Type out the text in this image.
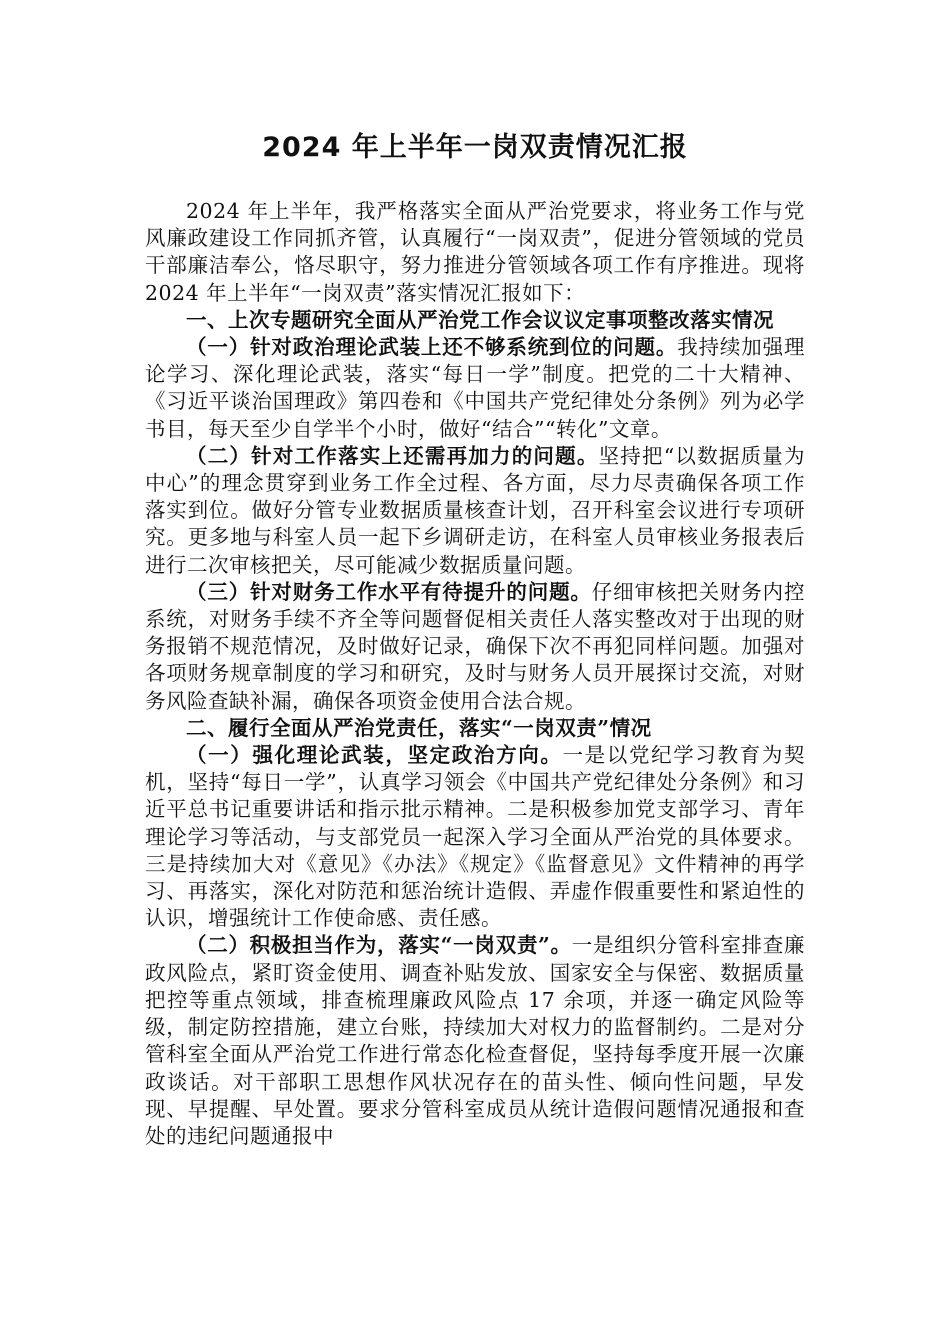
2024 年上半年一岗双责情况汇报

2024 年上半年，我严格落实全面从严治党要求，将业务工作与党风廉政建设工作同抓齐管，认真履行“一岗双责”，促进分管领域的党员干部廉洁奉公，恪尽职守，努力推进分管领域各项工作有序推进。现将 2024 年上半年“一岗双责”落实情况汇报如下：

一、上次专题研究全面从严治党工作会议议定事项整改落实情况

（一）针对政治理论武装上还不够系统到位的问题。我持续加强理论学习、深化理论武装，落实“每日一学”制度。把党的二十大精神、《习近平谈治国理政》第四卷和《中国共产党纪律处分条例》列为必学书目，每天至少自学半个小时，做好“结合”“转化”文章。

（二）针对工作落实上还需再加力的问题。坚持把“以数据质量为中心”的理念贯穿到业务工作全过程、各方面，尽力尽责确保各项工作落实到位。做好分管专业数据质量核查计划，召开科室会议进行专项研究。更多地与科室人员一起下乡调研走访，在科室人员审核业务报表后进行二次审核把关，尽可能减少数据质量问题。

（三）针对财务工作水平有待提升的问题。仔细审核把关财务内控系统，对财务手续不齐全等问题督促相关责任人落实整改对于出现的财务报销不规范情况，及时做好记录，确保下次不再犯同样问题。加强对各项财务规章制度的学习和研究，及时与财务人员开展探讨交流，对财务风险查缺补漏，确保各项资金使用合法合规。

二、履行全面从严治党责任，落实“一岗双责”情况

（一）强化理论武装，坚定政治方向。一是以党纪学习教育为契机，坚持“每日一学”，认真学习领会《中国共产党纪律处分条例》和习近平总书记重要讲话和指示批示精神。二是积极参加党支部学习、青年理论学习等活动，与支部党员一起深入学习全面从严治党的具体要求。三是持续加大对《意见》《办法》《规定》《监督意见》文件精神的再学习、再落实，深化对防范和惩治统计造假、弄虚作假重要性和紧迫性的认识，增强统计工作使命感、责任感。

（二）积极担当作为，落实“一岗双责”。一是组织分管科室排查廉政风险点，紧盯资金使用、调查补贴发放、国家安全与保密、数据质量把控等重点领域，排查梳理廉政风险点 17 余项，并逐一确定风险等级，制定防控措施，建立台账，持续加大对权力的监督制约。二是对分管科室全面从严治党工作进行常态化检查督促，坚持每季度开展一次廉政谈话。对干部职工思想作风状况存在的苗头性、倾向性问题，早发现、早提醒、早处置。要求分管科室成员从统计造假问题情况通报和查处的违纪问题通报中
